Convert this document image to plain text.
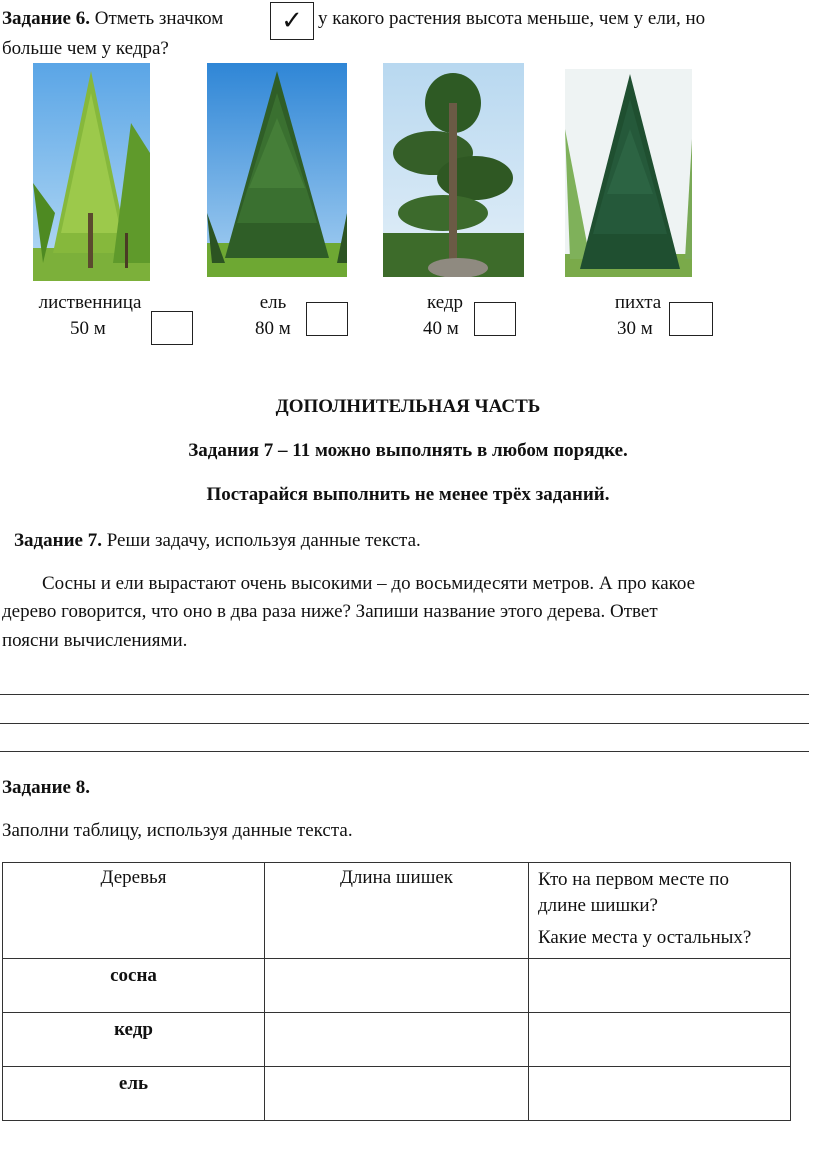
Задание 6. Отметь значком	✓ у какого растения высота меньше, чем у ели, но
больше чем у кедра?
лиственница
50 м
ель
80 м
кедр
40 м
пихта
30 м
ДОПОЛНИТЕЛЬНАЯ ЧАСТЬ
Задания 7 – 11 можно выполнять в любом порядке.
Постарайся выполнить не менее трёх заданий.
Задание 7. Реши задачу, используя данные текста.
Сосны и ели вырастают очень высокими – до восьмидесяти метров. А про какое
дерево говорится, что оно в два раза ниже? Запиши название этого дерева. Ответ
поясни вычислениями.
Задание 8.
Заполни таблицу, используя данные текста.
Деревья	Длина шишек	Кто на первом месте по
длине шишки?
Какие места у остальных?

сосна		
кедр		
ель		
